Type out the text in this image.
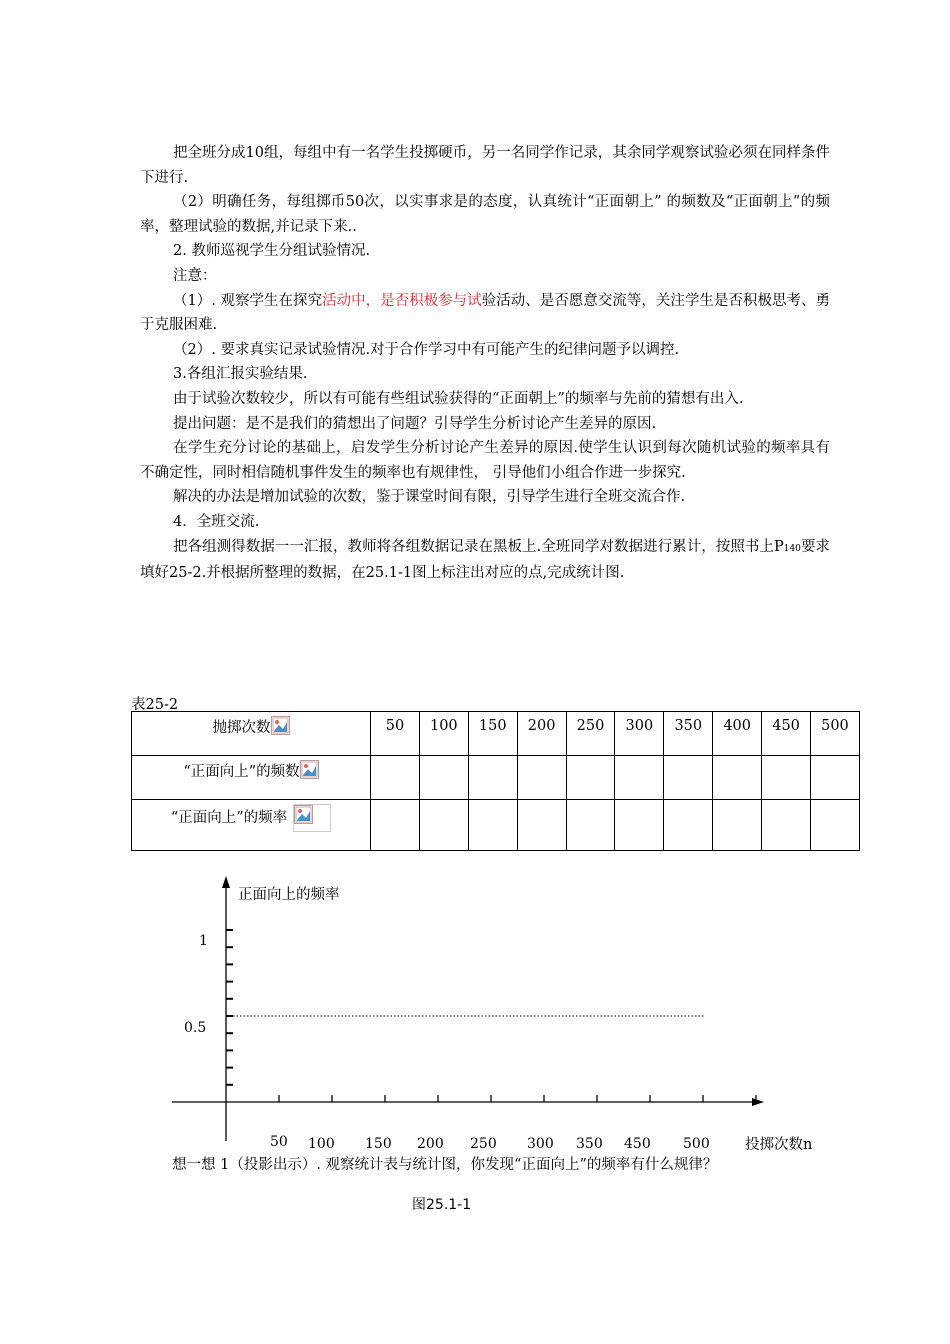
把全班分成10组，每组中有一名学生投掷硬币，另一名同学作记录，其余同学观察试验必须在同样条件下进行.

（2）明确任务，每组掷币50次，以实事求是的态度，认真统计“正面朝上” 的频数及“正面朝上”的频率，整理试验的数据,并记录下来..

2. 教师巡视学生分组试验情况.

注意：

（1）. 观察学生在探究活动中，是否积极参与试验活动、是否愿意交流等，关注学生是否积极思考、勇于克服困难.

（2）. 要求真实记录试验情况.对于合作学习中有可能产生的纪律问题予以调控.

3.各组汇报实验结果.

由于试验次数较少，所以有可能有些组试验获得的“正面朝上”的频率与先前的猜想有出入.

提出问题：是不是我们的猜想出了问题？引导学生分析讨论产生差异的原因.

在学生充分讨论的基础上，启发学生分析讨论产生差异的原因.使学生认识到每次随机试验的频率具有不确定性，同时相信随机事件发生的频率也有规律性， 引导他们小组合作进一步探究.

解决的办法是增加试验的次数，鉴于课堂时间有限，引导学生进行全班交流合作.

4．全班交流.

把各组测得数据一一汇报，教师将各组数据记录在黑板上.全班同学对数据进行累计，按照书上P140要求填好25-2.并根据所整理的数据，在25.1-1图上标注出对应的点,完成统计图.

表25-2
抛掷次数	50	100	150	200	250	300	350	400	450	500
“正面向上”的频数

“正面向上”的频率

正面向上的频率
1
0.5
50 100 150 200 250 300 350 450 500 投掷次数n
想一想 1（投影出示）. 观察统计表与统计图，你发现“正面向上”的频率有什么规律？
图25.1-1
